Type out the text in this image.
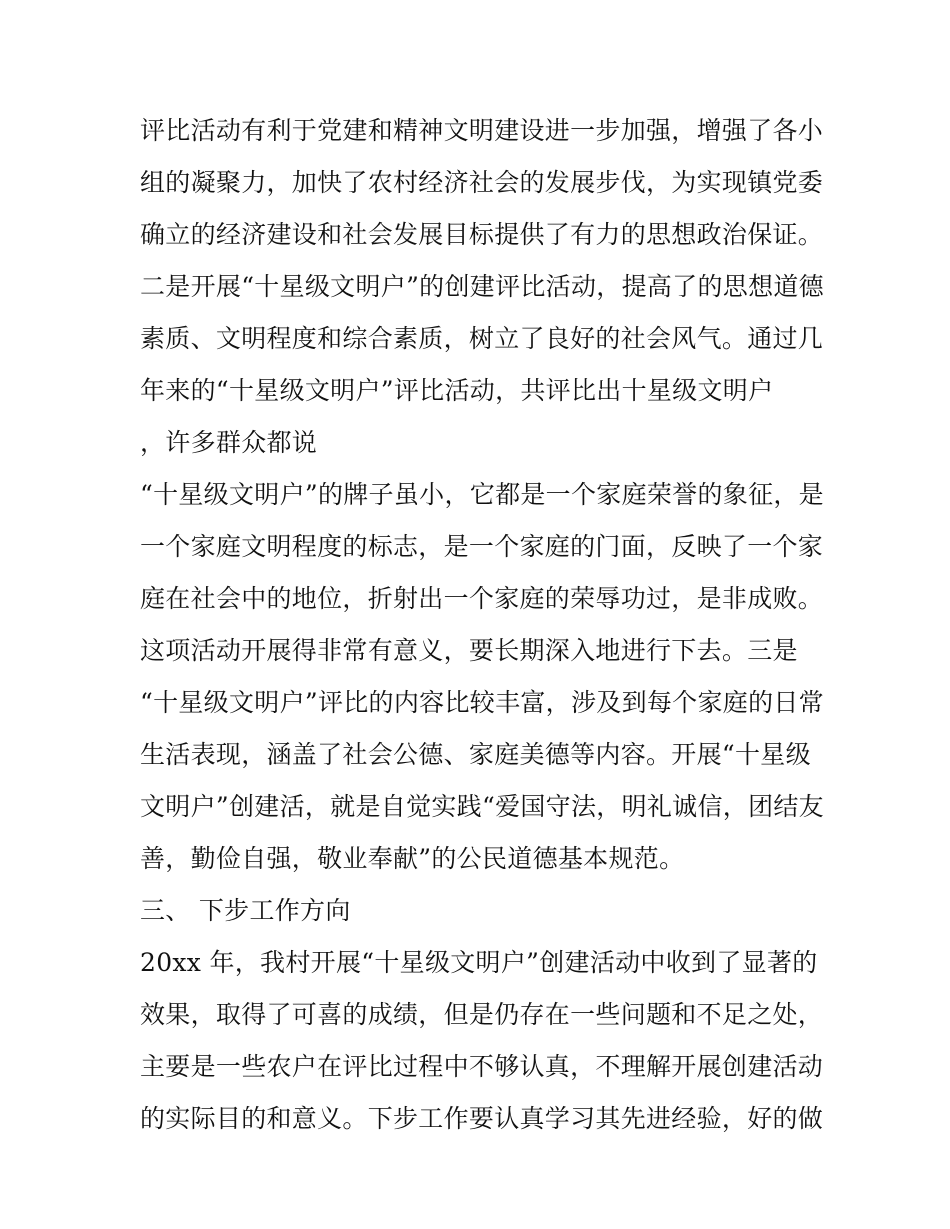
评比活动有利于党建和精神文明建设进一步加强，增强了各小
组的凝聚力，加快了农村经济社会的发展步伐，为实现镇党委
确立的经济建设和社会发展目标提供了有力的思想政治保证。
二是开展“十星级文明户”的创建评比活动，提高了的思想道德
素质、文明程度和综合素质，树立了良好的社会风气。通过几
年来的“十星级文明户”评比活动，共评比出十星级文明户
，许多群众都说
“十星级文明户”的牌子虽小，它都是一个家庭荣誉的象征，是
一个家庭文明程度的标志，是一个家庭的门面，反映了一个家
庭在社会中的地位，折射出一个家庭的荣辱功过，是非成败。
这项活动开展得非常有意义，要长期深入地进行下去。三是
“十星级文明户”评比的内容比较丰富，涉及到每个家庭的日常
生活表现，涵盖了社会公德、家庭美德等内容。开展“十星级
文明户”创建活，就是自觉实践“爱国守法，明礼诚信，团结友
善，勤俭自强，敬业奉献”的公民道德基本规范。
三、 下步工作方向
20xx 年，我村开展“十星级文明户”创建活动中收到了显著的
效果，取得了可喜的成绩，但是仍存在一些问题和不足之处，
主要是一些农户在评比过程中不够认真，不理解开展创建活动
的实际目的和意义。下步工作要认真学习其先进经验，好的做
